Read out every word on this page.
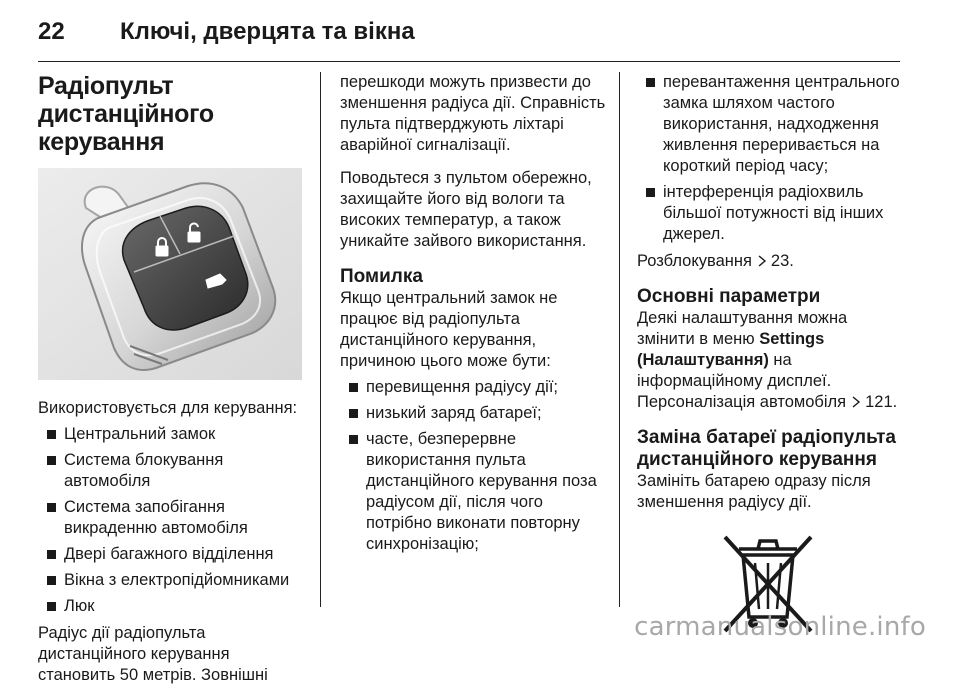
22 Ключі, дверцята та вікна
Радіопульт дистанційного керування

Використовується для керування:

Центральний замок
Система блокування автомобіля
Система запобігання викраденню автомобіля
Двері багажного відділення
Вікна з електропідйомниками
Люк

Радіус дії радіопульта дистанційного керування становить 50 метрів. Зовнішні

перешкоди можуть призвести до зменшення радіуса дії. Справність пульта підтверджують ліхтарі аварійної сигналізації.

Поводьтеся з пультом обережно, захищайте його від вологи та високих температур, а також уникайте зайвого використання.

Помилка

Якщо центральний замок не працює від радіопульта дистанційного керування, причиною цього може бути:

перевищення радіусу дії;
низький заряд батареї;
часте, безперервне використання пульта дистанційного керування поза радіусом дії, після чого потрібно виконати повторну синхронізацію;
перевантаження центрального замка шляхом частого використання, надходження живлення переривається на короткий період часу;
інтерференція радіохвиль більшої потужності від інших джерел.

Розблокування 23.

Основні параметри

Деякі налаштування можна змінити в меню Settings (Налаштування) на інформаційному дисплеї.

Персоналізація автомобіля 121.

Заміна батареї радіопульта дистанційного керування

Замініть батарею одразу після зменшення радіусу дії.

carmanualsonline.info
